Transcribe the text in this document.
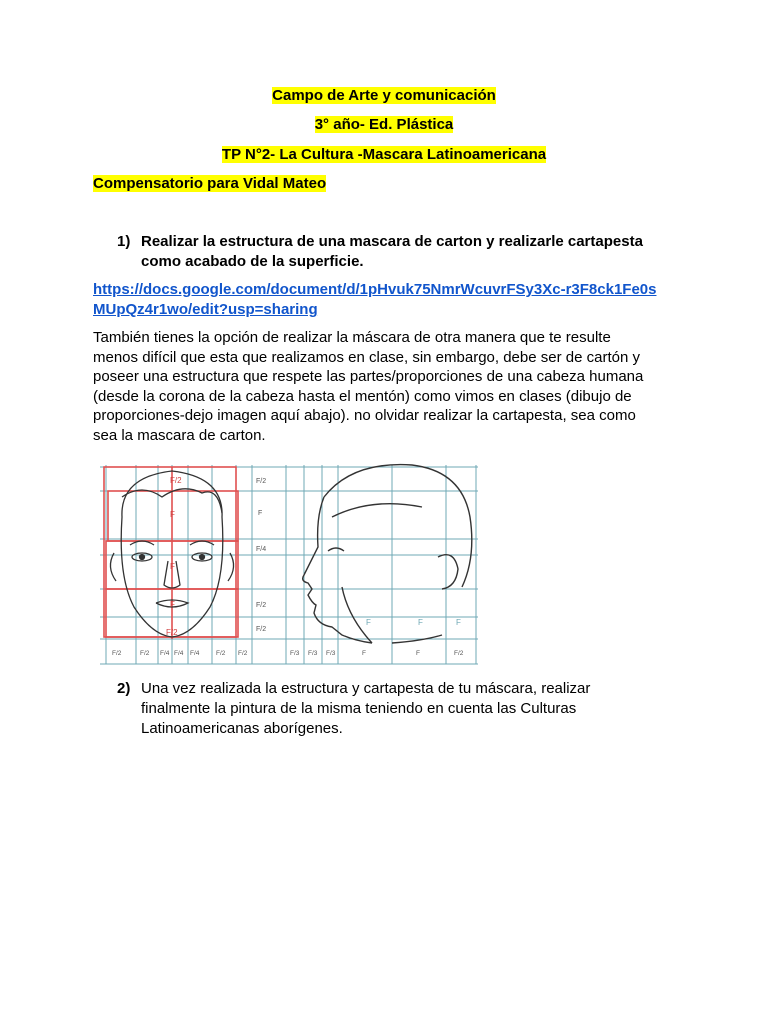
Campo de Arte y comunicación
3° año- Ed. Plástica
TP N°2- La Cultura -Mascara Latinoamericana
Compensatorio para Vidal Mateo
1) Realizar la estructura de una mascara de carton y realizarle cartapesta
como acabado de la superficie.
https://docs.google.com/document/d/1pHvuk75NmrWcuvrFSy3Xc-r3F8ck1Fe0s
MUpQz4r1wo/edit?usp=sharing
También tienes la opción de realizar la máscara de otra manera que te resulte
menos difícil que esta que realizamos en clase, sin embargo, debe ser de cartón y
poseer una estructura que respete las partes/proporciones de una cabeza humana
(desde la corona de la cabeza hasta el mentón) como vimos en clases (dibujo de
proporciones-dejo imagen aquí abajo). no olvidar realizar la cartapesta, sea como
sea la mascara de carton.
F/2
F
F/4
F/2
F/2
F/2
F
F
F
F/2
F	F	F
F/2	F/2 F/4 F/4 F/4	F/2 F/2	F/3 F/3 F/3	F	F	F/2
2) Una vez realizada la estructura y cartapesta de tu máscara, realizar
finalmente la pintura de la misma teniendo en cuenta las Culturas
Latinoamericanas aborígenes.
